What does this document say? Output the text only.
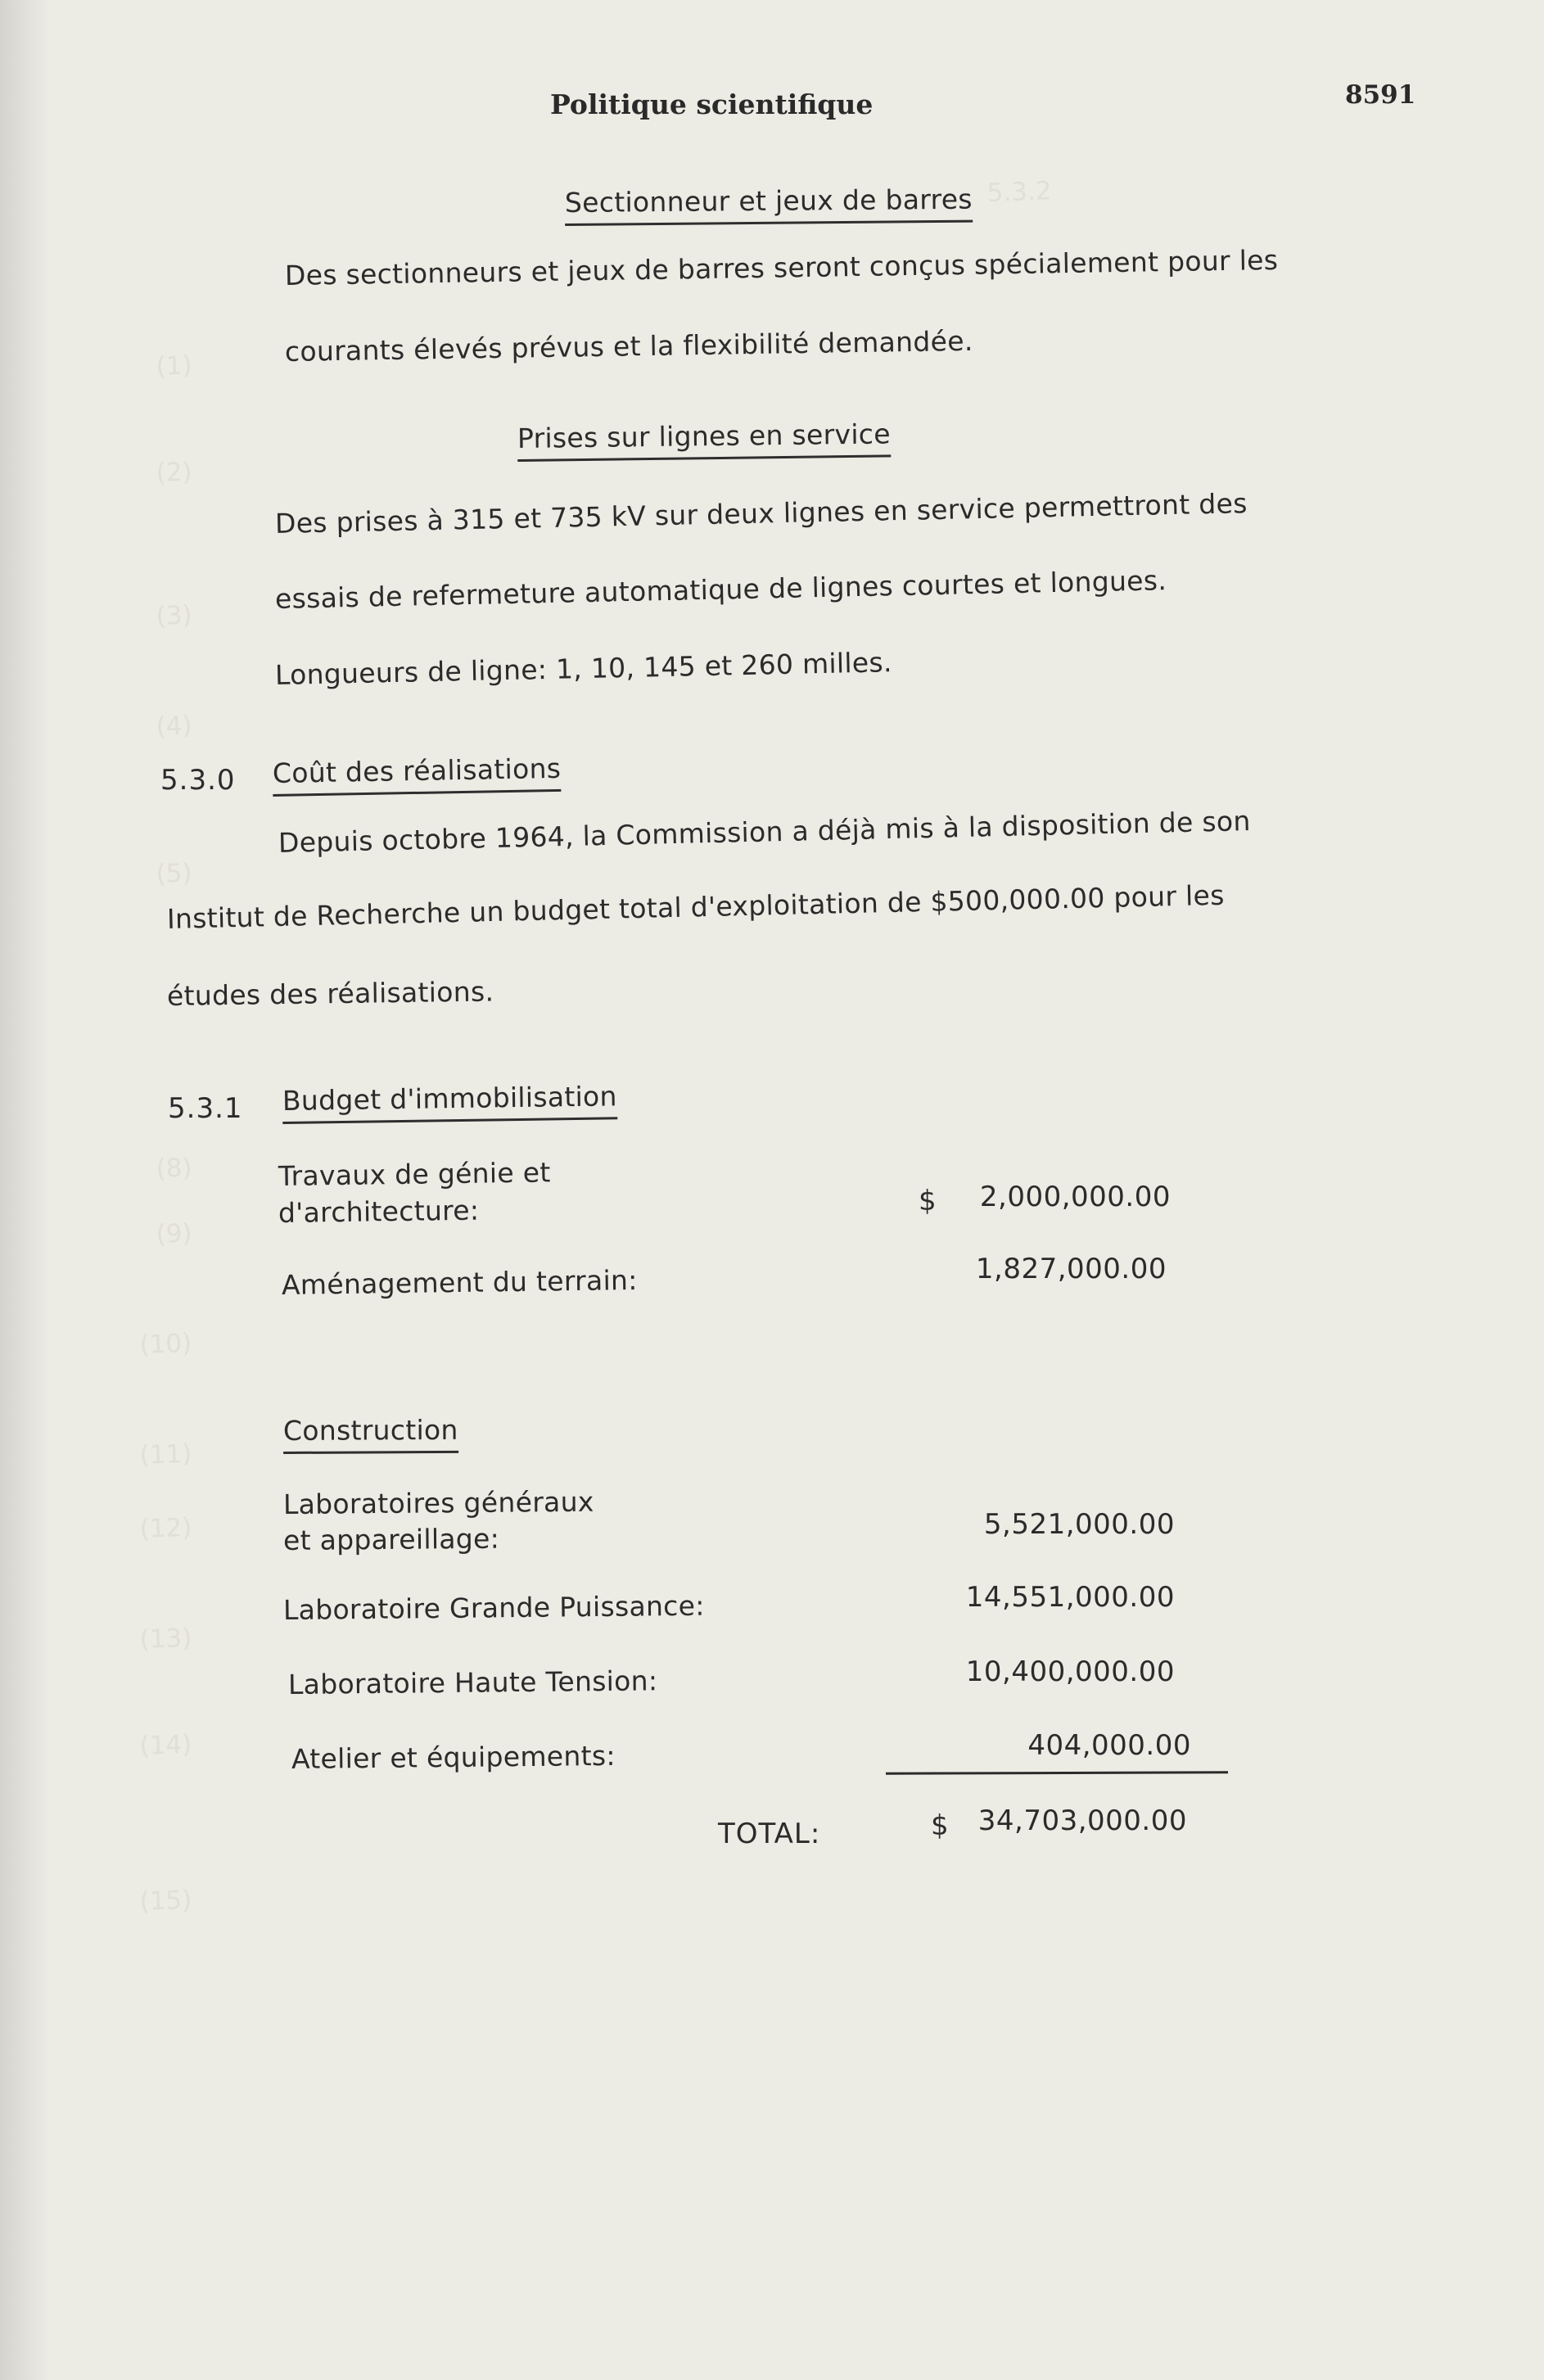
5.3.2
(1)
(2)
(3)
(4)
(5)
(8)
(9)
(10)
(11)
(12)
(13)
(14)
(15)
Politique scientifique	8591
Sectionneur et jeux de barres
Des sectionneurs et jeux de barres seront conçus spécialement pour les
courants élevés prévus et la flexibilité demandée.
Prises sur lignes en service
Des prises à 315 et 735 kV sur deux lignes en service permettront des
essais de refermeture automatique de lignes courtes et longues.
Longueurs de ligne: 1, 10, 145 et 260 milles.
5.3.0 Coût des réalisations
Depuis octobre 1964, la Commission a déjà mis à la disposition de son
Institut de Recherche un budget total d'exploitation de $500,000.00 pour les
études des réalisations.
5.3.1 Budget d'immobilisation
Travaux de génie et
d'architecture:	$ 2,000,000.00
Aménagement du terrain:	1,827,000.00
Construction
Laboratoires généraux
et appareillage:	5,521,000.00
Laboratoire Grande Puissance:	14,551,000.00
Laboratoire Haute Tension:	10,400,000.00
Atelier et équipements:	404,000.00
TOTAL:	$ 34,703,000.00
